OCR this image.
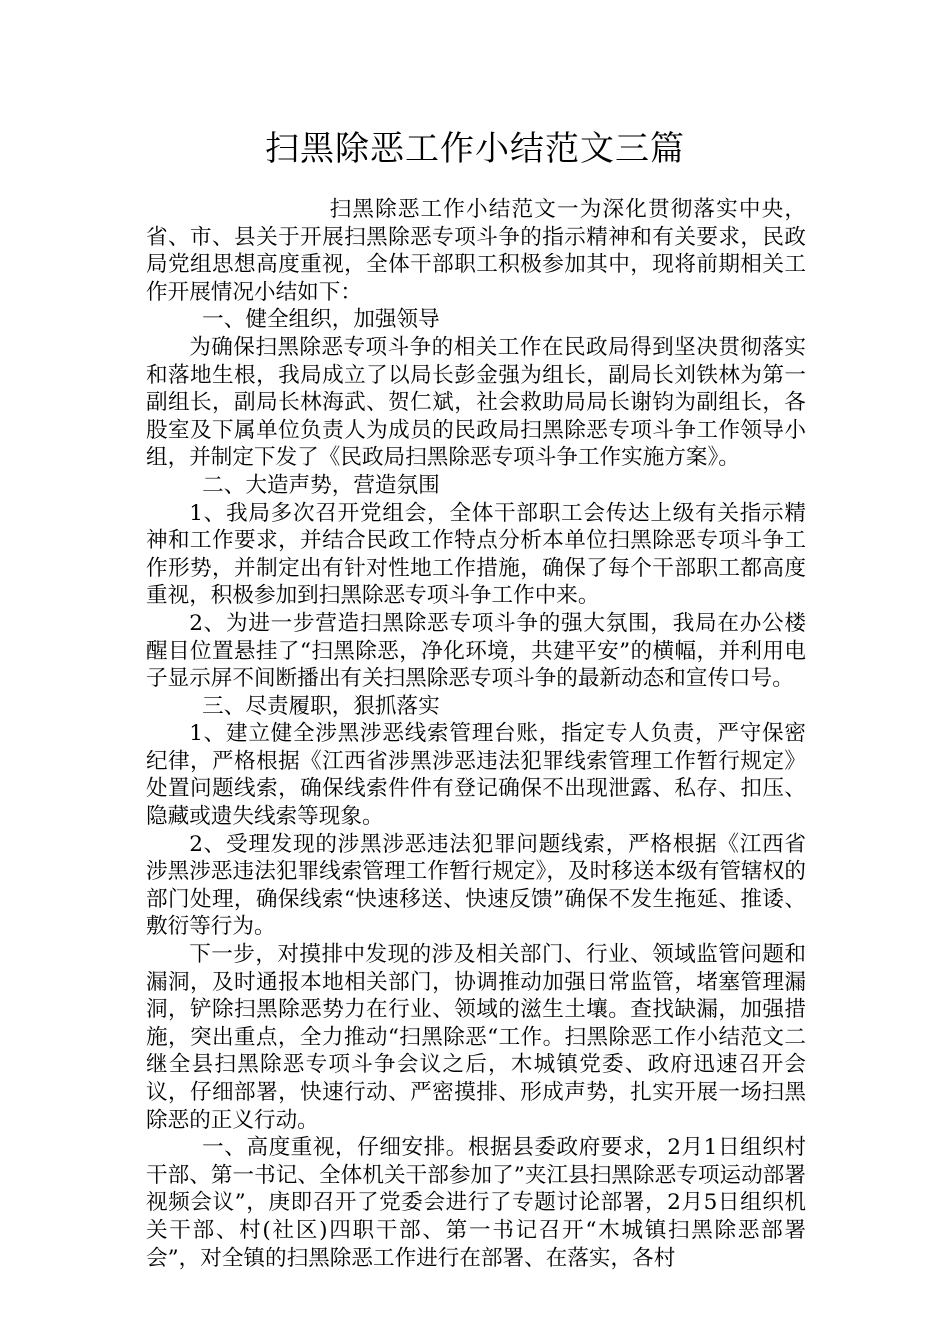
扫黑除恶工作小结范文三篇

扫黑除恶工作小结范文一为深化贯彻落实中央，省、市、县关于开展扫黑除恶专项斗争的指示精神和有关要求，民政局党组思想高度重视，全体干部职工积极参加其中，现将前期相关工作开展情况小结如下：

一、健全组织，加强领导

为确保扫黑除恶专项斗争的相关工作在民政局得到坚决贯彻落实和落地生根，我局成立了以局长彭金强为组长，副局长刘铁林为第一副组长，副局长林海武、贺仁斌，社会救助局局长谢钧为副组长，各股室及下属单位负责人为成员的民政局扫黑除恶专项斗争工作领导小组，并制定下发了《民政局扫黑除恶专项斗争工作实施方案》。

二、大造声势，营造氛围

1、我局多次召开党组会，全体干部职工会传达上级有关指示精神和工作要求，并结合民政工作特点分析本单位扫黑除恶专项斗争工作形势，并制定出有针对性地工作措施，确保了每个干部职工都高度重视，积极参加到扫黑除恶专项斗争工作中来。

2、为进一步营造扫黑除恶专项斗争的强大氛围，我局在办公楼醒目位置悬挂了“扫黑除恶，净化环境，共建平安”的横幅，并利用电子显示屏不间断播出有关扫黑除恶专项斗争的最新动态和宣传口号。

三、尽责履职，狠抓落实

1、建立健全涉黑涉恶线索管理台账，指定专人负责，严守保密纪律，严格根据《江西省涉黑涉恶违法犯罪线索管理工作暂行规定》处置问题线索，确保线索件件有登记确保不出现泄露、私存、扣压、隐藏或遗失线索等现象。

2、受理发现的涉黑涉恶违法犯罪问题线索，严格根据《江西省涉黑涉恶违法犯罪线索管理工作暂行规定》，及时移送本级有管辖权的部门处理，确保线索“快速移送、快速反馈”确保不发生拖延、推诿、敷衍等行为。

下一步，对摸排中发现的涉及相关部门、行业、领域监管问题和漏洞，及时通报本地相关部门，协调推动加强日常监管，堵塞管理漏洞，铲除扫黑除恶势力在行业、领域的滋生土壤。查找缺漏，加强措施，突出重点，全力推动“扫黑除恶“工作。扫黑除恶工作小结范文二继全县扫黑除恶专项斗争会议之后，木城镇党委、政府迅速召开会议，仔细部署，快速行动、严密摸排、形成声势，扎实开展一场扫黑除恶的正义行动。

一、高度重视，仔细安排。根据县委政府要求，2月1日组织村干部、第一书记、全体机关干部参加了”夹江县扫黑除恶专项运动部署视频会议”，庚即召开了党委会进行了专题讨论部署，2月5日组织机关干部、村(社区)四职干部、第一书记召开“木城镇扫黑除恶部署会”，对全镇的扫黑除恶工作进行在部署、在落实，各村
